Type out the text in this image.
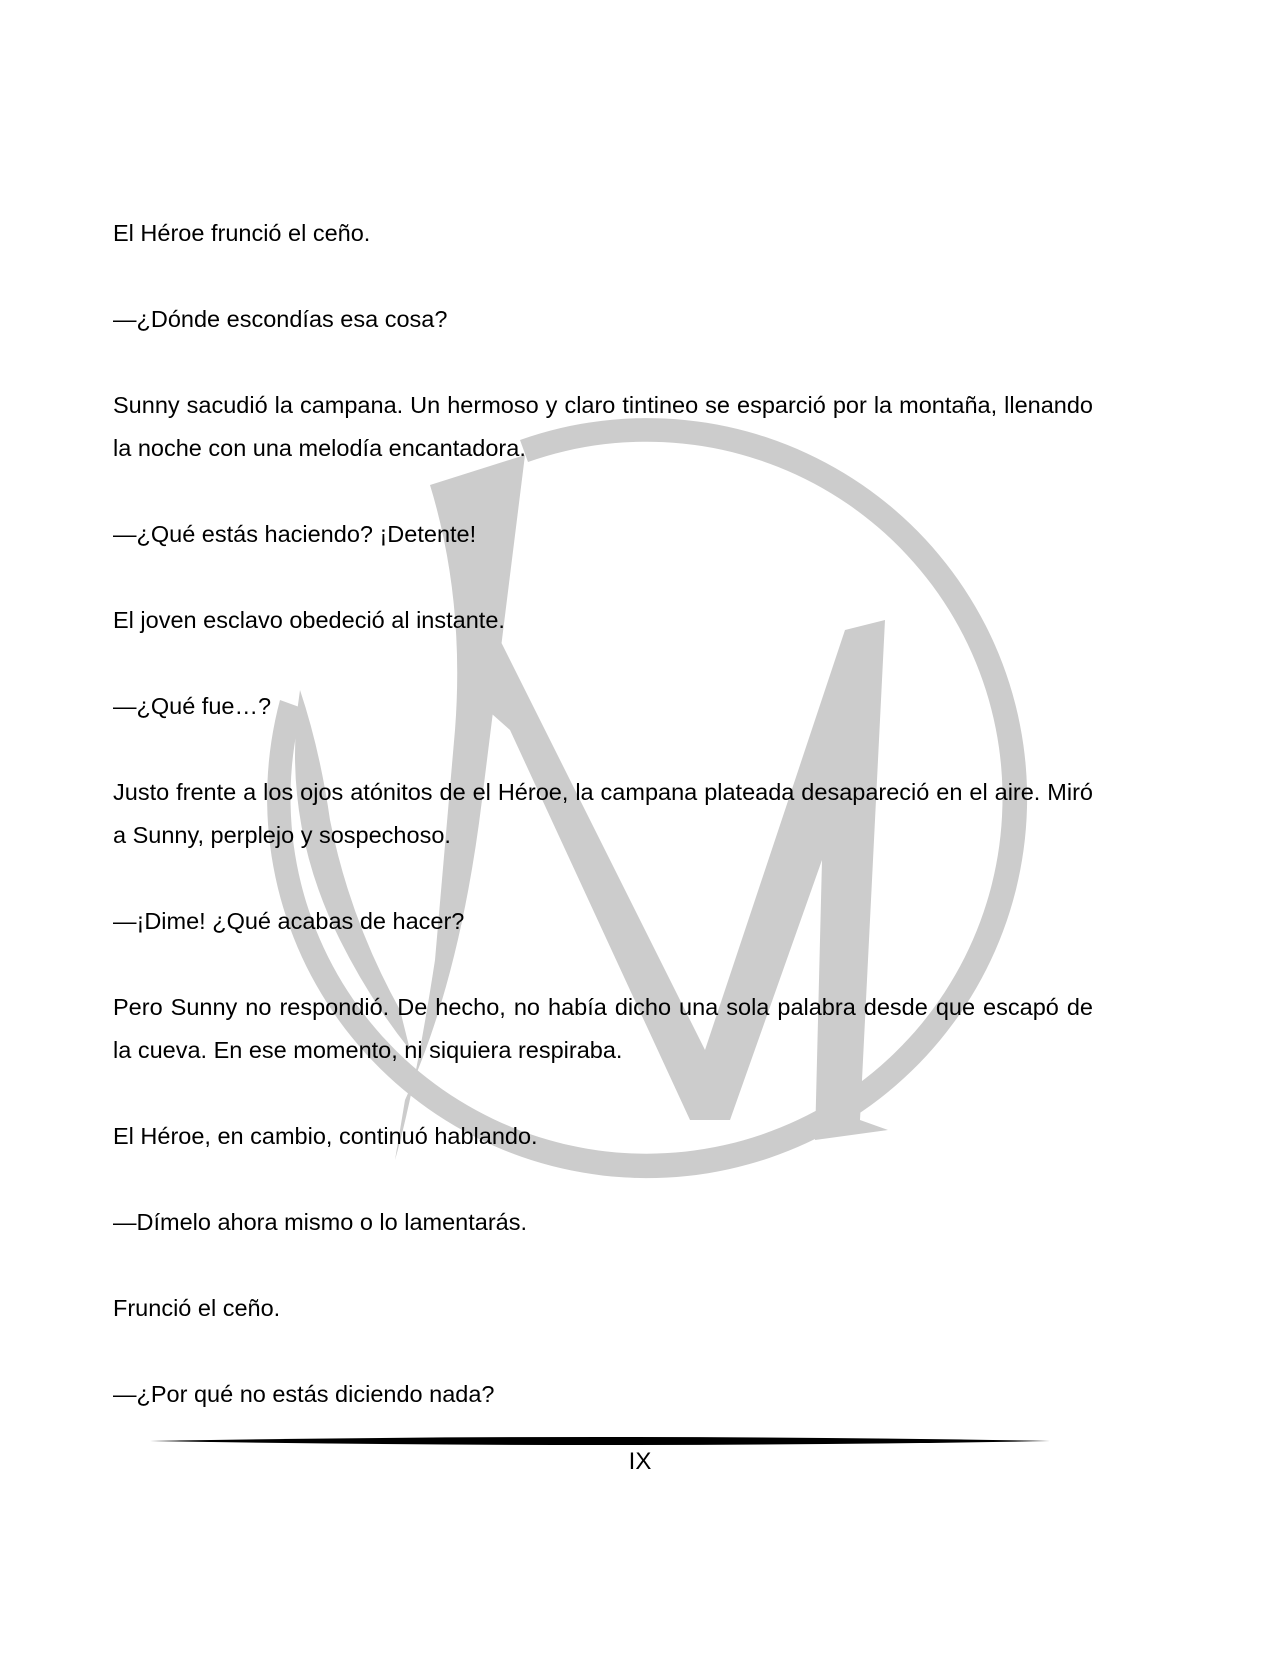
El Héroe frunció el ceño.

—¿Dónde escondías esa cosa?

Sunny sacudió la campana. Un hermoso y claro tintineo se esparció por la montaña, llenando la noche con una melodía encantadora.

—¿Qué estás haciendo? ¡Detente!

El joven esclavo obedeció al instante.

—¿Qué fue…?

Justo frente a los ojos atónitos de el Héroe, la campana plateada desapareció en el aire. Miró a Sunny, perplejo y sospechoso.

—¡Dime! ¿Qué acabas de hacer?

Pero Sunny no respondió. De hecho, no había dicho una sola palabra desde que escapó de la cueva. En ese momento, ni siquiera respiraba.

El Héroe, en cambio, continuó hablando.

—Dímelo ahora mismo o lo lamentarás.

Frunció el ceño.

—¿Por qué no estás diciendo nada?

IX
